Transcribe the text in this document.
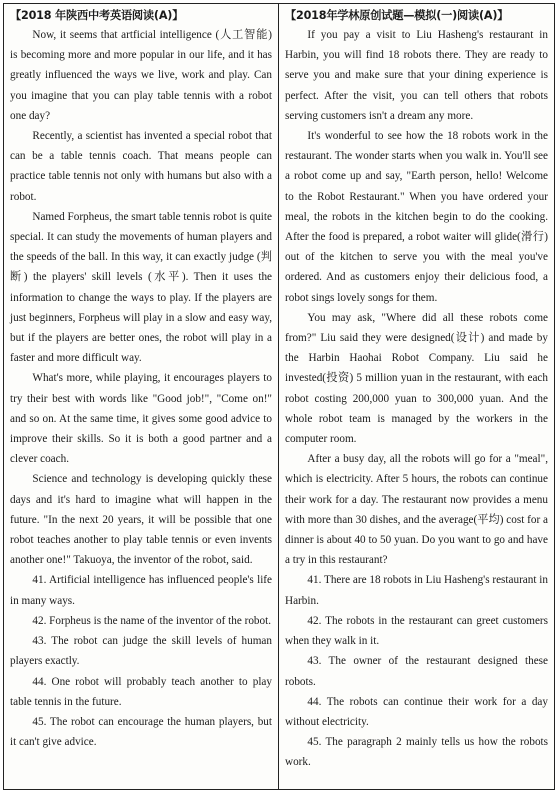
【2018 年陕西中考英语阅读(A)】

Now, it seems that artficial intelligence (人工智能) is becoming more and more popular in our life, and it has greatly influenced the ways we live, work and play. Can you imagine that you can play table tennis with a robot one day?

Recently, a scientist has invented a special robot that can be a table tennis coach. That means people can practice table tennis not only with humans but also with a robot.

Named Forpheus, the smart table tennis robot is quite special. It can study the movements of human players and the speeds of the ball. In this way, it can exactly judge (判断) the players' skill levels (水平). Then it uses the information to change the ways to play. If the players are just beginners, Forpheus will play in a slow and easy way, but if the players are better ones, the robot will play in a faster and more difficult way.

What's more, while playing, it encourages players to try their best with words like "Good job!", "Come on!" and so on. At the same time, it gives some good advice to improve their skills. So it is both a good partner and a clever coach.

Science and technology is developing quickly these days and it's hard to imagine what will happen in the future. "In the next 20 years, it will be possible that one robot teaches another to play table tennis or even invents another one!" Takuoya, the inventor of the robot, said.

41. Artificial intelligence has influenced people's life in many ways.

42. Forpheus is the name of the inventor of the robot.

43. The robot can judge the skill levels of human players exactly.

44. One robot will probably teach another to play table tennis in the future.

45. The robot can encourage the human players, but it can't give advice.

【2018年学林原创试题—模拟(一)阅读(A)】

If you pay a visit to Liu Hasheng's restaurant in Harbin, you will find 18 robots there. They are ready to serve you and make sure that your dining experience is perfect. After the visit, you can tell others that robots serving customers isn't a dream any more.

It's wonderful to see how the 18 robots work in the restaurant. The wonder starts when you walk in. You'll see a robot come up and say, "Earth person, hello! Welcome to the Robot Restaurant." When you have ordered your meal, the robots in the kitchen begin to do the cooking. After the food is prepared, a robot waiter will glide(滑行) out of the kitchen to serve you with the meal you've ordered. And as customers enjoy their delicious food, a robot sings lovely songs for them.

You may ask, "Where did all these robots come from?" Liu said they were designed(设计) and made by the Harbin Haohai Robot Company. Liu said he invested(投资) 5 million yuan in the restaurant, with each robot costing 200,000 yuan to 300,000 yuan. And the whole robot team is managed by the workers in the computer room.

After a busy day, all the robots will go for a "meal", which is electricity. After 5 hours, the robots can continue their work for a day. The restaurant now provides a menu with more than 30 dishes, and the average(平均) cost for a dinner is about 40 to 50 yuan. Do you want to go and have a try in this restaurant?

41. There are 18 robots in Liu Hasheng's restaurant in Harbin.

42. The robots in the restaurant can greet customers when they walk in it.

43. The owner of the restaurant designed these robots.

44. The robots can continue their work for a day without electricity.

45. The paragraph 2 mainly tells us how the robots work.
